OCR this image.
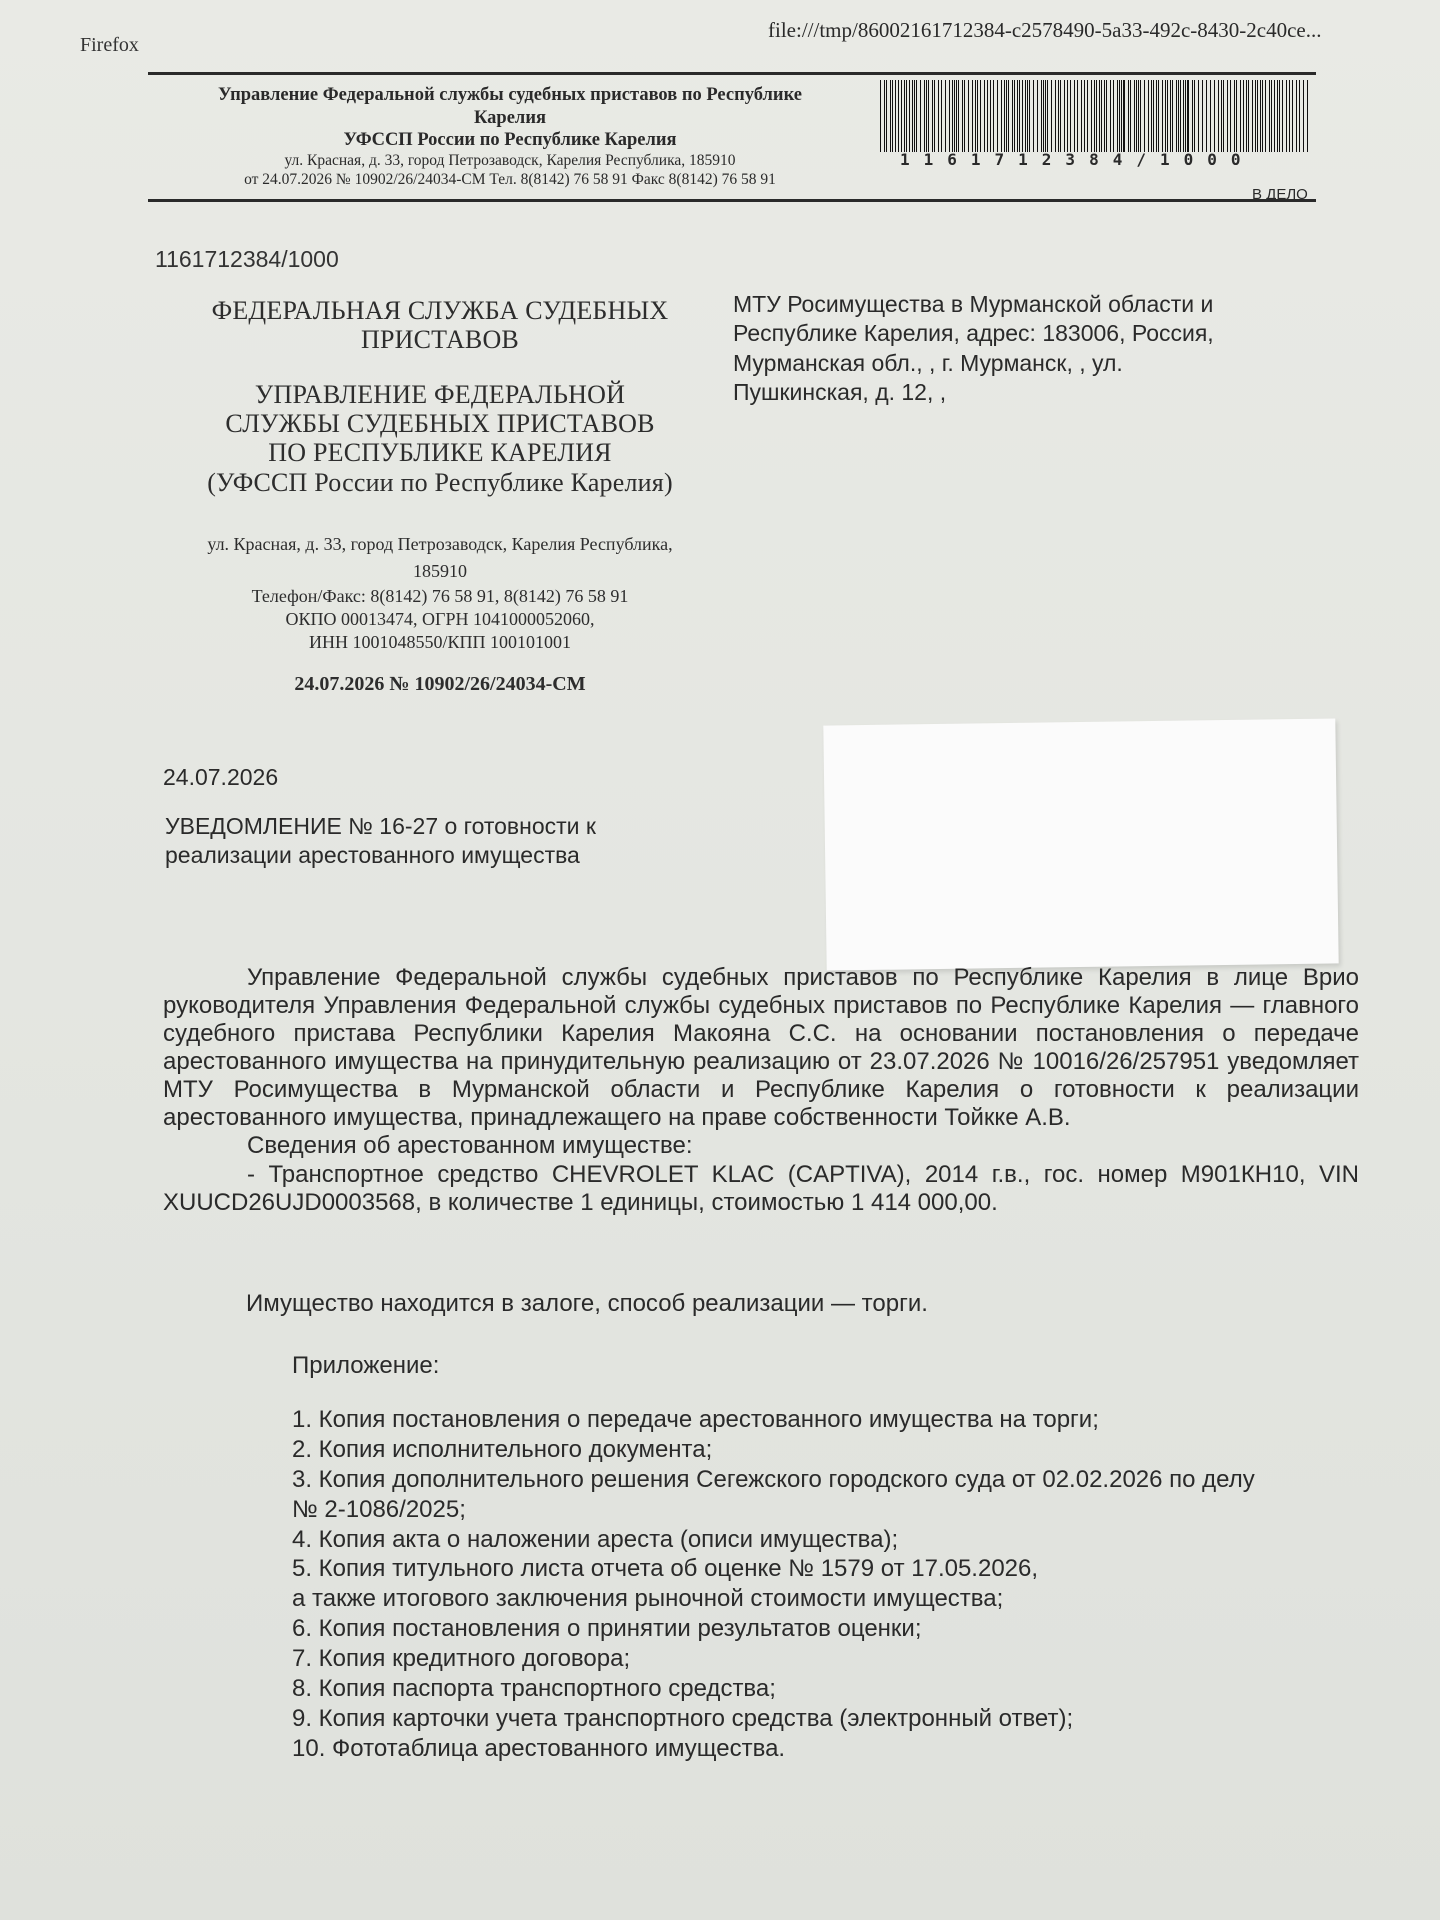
Firefox
file:///tmp/86002161712384-c2578490-5a33-492c-8430-2c40ce...
Управление Федеральной службы судебных приставов по Республике
Карелия
УФССП России по Республике Карелия
ул. Красная, д. 33, город Петрозаводск, Карелия Республика, 185910
от 24.07.2026 № 10902/26/24034-СМ Тел. 8(8142) 76 58 91 Факс 8(8142) 76 58 91
1161712384/1000
В ДЕЛО
1161712384/1000
ФЕДЕРАЛЬНАЯ СЛУЖБА СУДЕБНЫХ
ПРИСТАВОВ
УПРАВЛЕНИЕ ФЕДЕРАЛЬНОЙ
СЛУЖБЫ СУДЕБНЫХ ПРИСТАВОВ
ПО РЕСПУБЛИКЕ КАРЕЛИЯ
(УФССП России по Республике Карелия)
ул. Красная, д. 33, город Петрозаводск, Карелия Республика,
185910
Телефон/Факс: 8(8142) 76 58 91, 8(8142) 76 58 91
ОКПО 00013474, ОГРН 1041000052060,
ИНН 1001048550/КПП 100101001
24.07.2026 № 10902/26/24034-СМ
МТУ Росимущества в Мурманской области и
Республике Карелия, адрес: 183006, Россия,
Мурманская обл., , г. Мурманск, , ул.
Пушкинская, д. 12, ,
24.07.2026
УВЕДОМЛЕНИЕ № 16-27 о готовности к
реализации арестованного имущества

Управление Федеральной службы судебных приставов по Республике Карелия в лице Врио руководителя Управления Федеральной службы судебных приставов по Республике Карелия — главного судебного пристава Республики Карелия Макояна С.С. на основании постановления о передаче арестованного имущества на принудительную реализацию от 23.07.2026 № 10016/26/257951 уведомляет МТУ Росимущества в Мурманской области и Республике Карелия о готовности к реализации арестованного имущества, принадлежащего на праве собственности Тойкке А.В.

Сведения об арестованном имуществе:

- Транспортное средство CHEVROLET KLAC (CAPTIVA), 2014 г.в., гос. номер М901КН10, VIN XUUCD26UJD0003568, в количестве 1 единицы, стоимостью 1 414 000,00.

Имущество находится в залоге, способ реализации — торги.
Приложение:
1. Копия постановления о передаче арестованного имущества на торги;
2. Копия исполнительного документа;
3. Копия дополнительного решения Сегежского городского суда от 02.02.2026 по делу
№ 2-1086/2025;
4. Копия акта о наложении ареста (описи имущества);
5. Копия титульного листа отчета об оценке № 1579 от 17.05.2026,
а также итогового заключения рыночной стоимости имущества;
6. Копия постановления о принятии результатов оценки;
7. Копия кредитного договора;
8. Копия паспорта транспортного средства;
9. Копия карточки учета транспортного средства (электронный ответ);
10. Фототаблица арестованного имущества.
